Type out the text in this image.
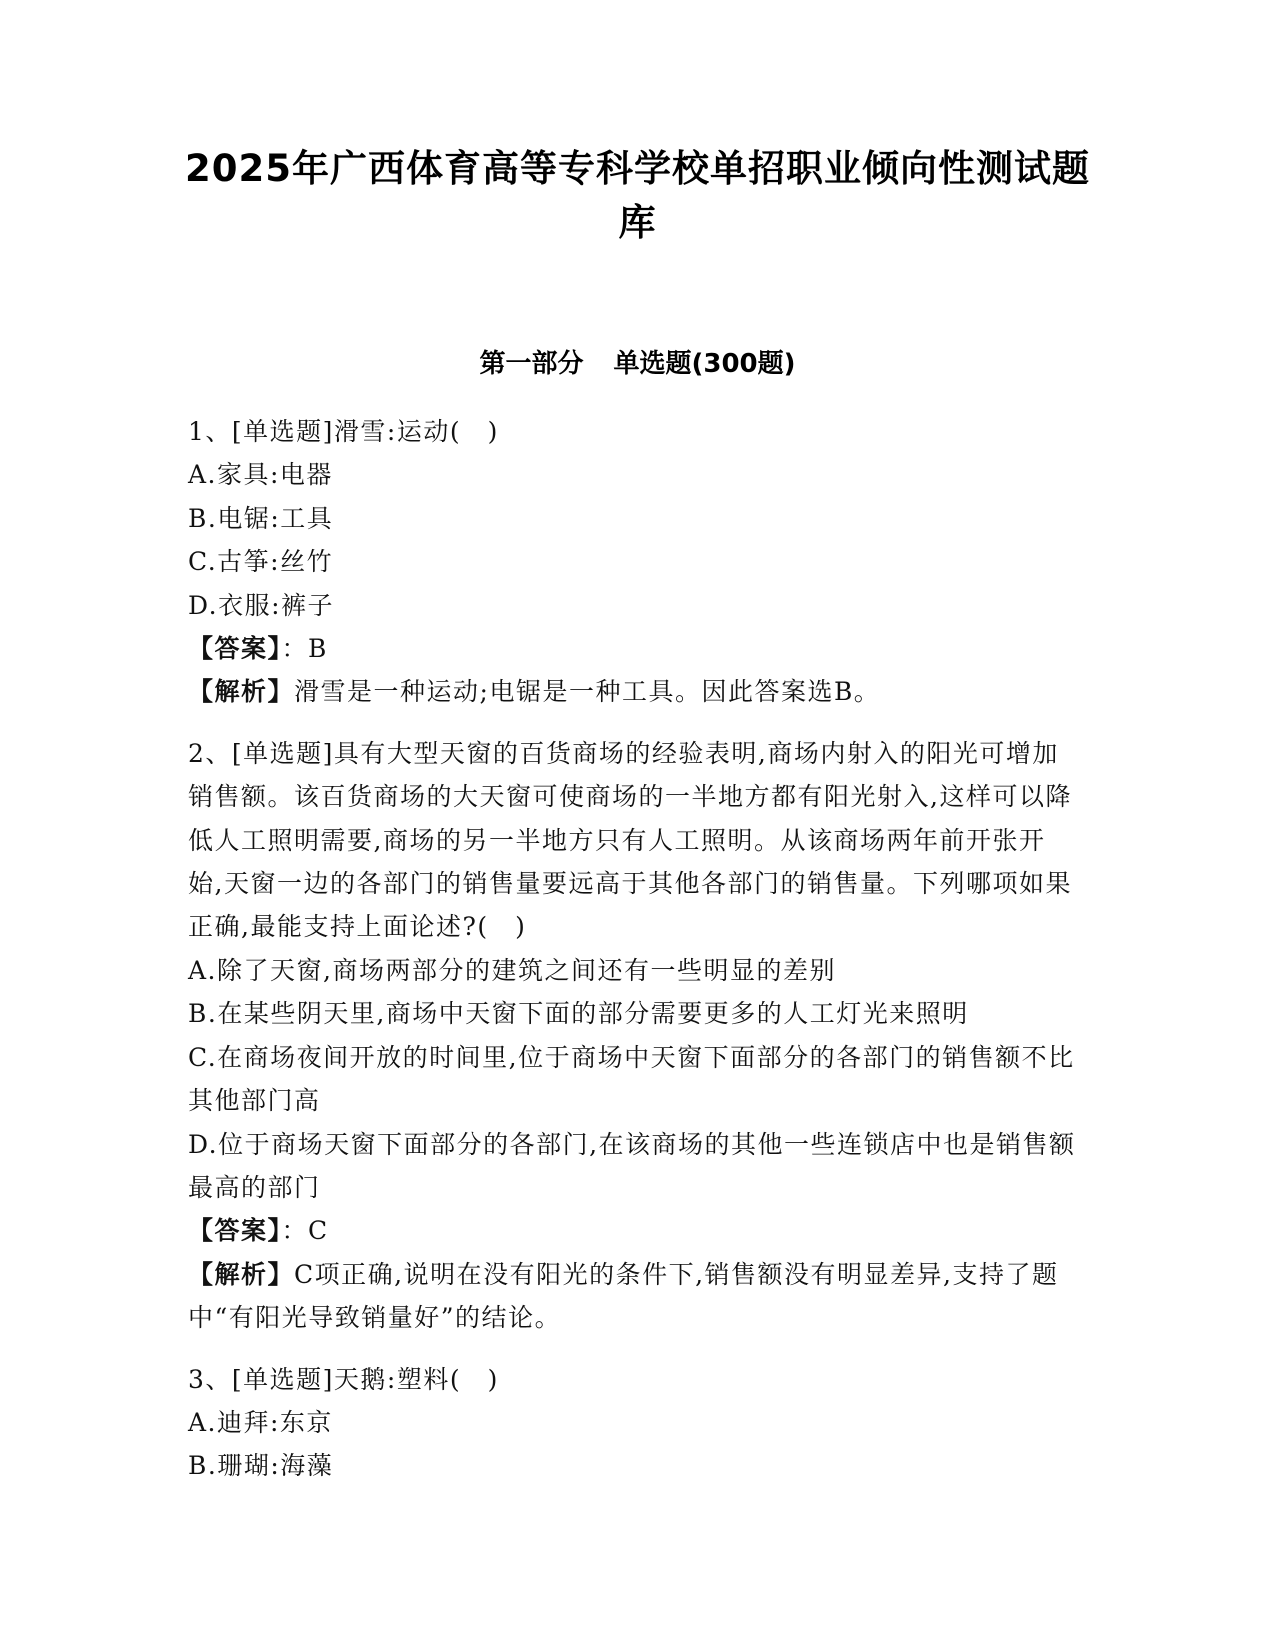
2025年广西体育高等专科学校单招职业倾向性测试题库
第一部分 单选题(300题)
1、[单选题]滑雪:运动(　)
A.家具:电器
B.电锯:工具
C.古筝:丝竹
D.衣服:裤子
【答案】：B
【解析】滑雪是一种运动;电锯是一种工具。因此答案选B。
2、[单选题]具有大型天窗的百货商场的经验表明,商场内射入的阳光可增加销售额。该百货商场的大天窗可使商场的一半地方都有阳光射入,这样可以降低人工照明需要,商场的另一半地方只有人工照明。从该商场两年前开张开始,天窗一边的各部门的销售量要远高于其他各部门的销售量。下列哪项如果正确,最能支持上面论述?(　)
A.除了天窗,商场两部分的建筑之间还有一些明显的差别
B.在某些阴天里,商场中天窗下面的部分需要更多的人工灯光来照明
C.在商场夜间开放的时间里,位于商场中天窗下面部分的各部门的销售额不比其他部门高
D.位于商场天窗下面部分的各部门,在该商场的其他一些连锁店中也是销售额最高的部门
【答案】：C
【解析】C项正确,说明在没有阳光的条件下,销售额没有明显差异,支持了题中“有阳光导致销量好”的结论。
3、[单选题]天鹅:塑料(　)
A.迪拜:东京
B.珊瑚:海藻
